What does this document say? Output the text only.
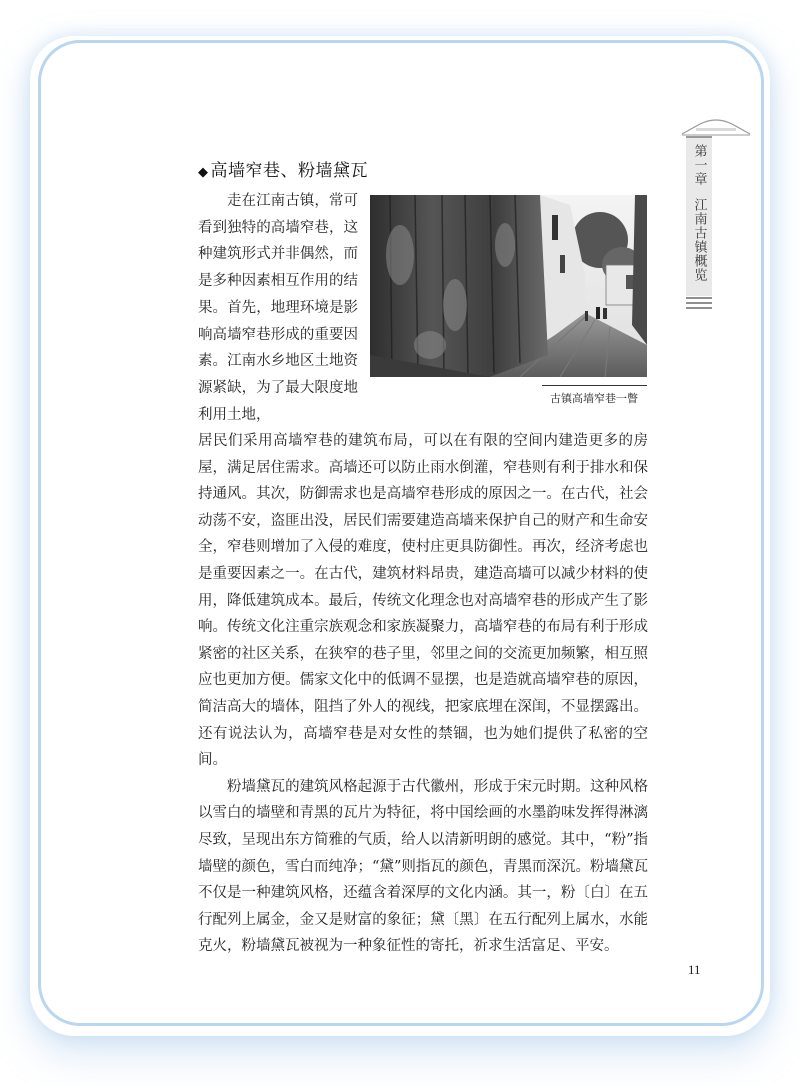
第一章
江南古镇概览
◆ 高墙窄巷、粉墙黛瓦

走在江南古镇，常可看到独特的高墙窄巷，这种建筑形式并非偶然，而是多种因素相互作用的结果。首先，地理环境是影响高墙窄巷形成的重要因素。江南水乡地区土地资源紧缺，为了最大限度地利用土地，

古镇高墙窄巷一瞥

居民们采用高墙窄巷的建筑布局，可以在有限的空间内建造更多的房屋，满足居住需求。高墙还可以防止雨水倒灌，窄巷则有利于排水和保持通风。其次，防御需求也是高墙窄巷形成的原因之一。在古代，社会动荡不安，盗匪出没，居民们需要建造高墙来保护自己的财产和生命安全，窄巷则增加了入侵的难度，使村庄更具防御性。再次，经济考虑也是重要因素之一。在古代，建筑材料昂贵，建造高墙可以减少材料的使用，降低建筑成本。最后，传统文化理念也对高墙窄巷的形成产生了影响。传统文化注重宗族观念和家族凝聚力，高墙窄巷的布局有利于形成紧密的社区关系，在狭窄的巷子里，邻里之间的交流更加频繁，相互照应也更加方便。儒家文化中的低调不显摆，也是造就高墙窄巷的原因，简洁高大的墙体，阻挡了外人的视线，把家底埋在深闺，不显摆露出。还有说法认为，高墙窄巷是对女性的禁锢，也为她们提供了私密的空间。

粉墙黛瓦的建筑风格起源于古代徽州，形成于宋元时期。这种风格以雪白的墙壁和青黑的瓦片为特征，将中国绘画的水墨韵味发挥得淋漓尽致，呈现出东方简雅的气质，给人以清新明朗的感觉。其中，“粉”指墙壁的颜色，雪白而纯净；“黛”则指瓦的颜色，青黑而深沉。粉墙黛瓦不仅是一种建筑风格，还蕴含着深厚的文化内涵。其一，粉〔白〕在五行配列上属金，金又是财富的象征；黛〔黑〕在五行配列上属水，水能克火，粉墙黛瓦被视为一种象征性的寄托，祈求生活富足、平安。

11
